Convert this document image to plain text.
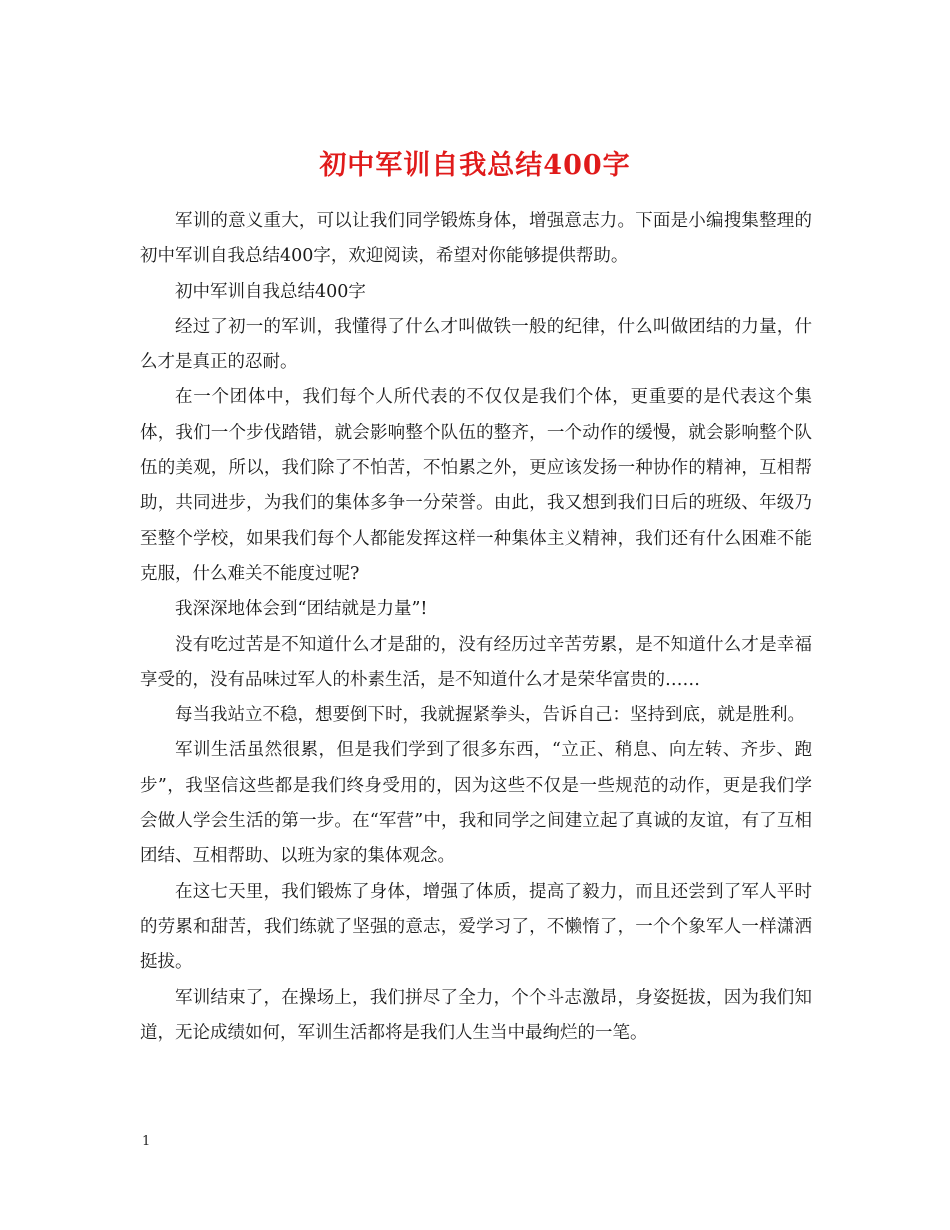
初中军训自我总结400字

军训的意义重大，可以让我们同学锻炼身体，增强意志力。下面是小编搜集整理的初中军训自我总结400字，欢迎阅读，希望对你能够提供帮助。

初中军训自我总结400字

经过了初一的军训，我懂得了什么才叫做铁一般的纪律，什么叫做团结的力量，什么才是真正的忍耐。

在一个团体中，我们每个人所代表的不仅仅是我们个体，更重要的是代表这个集体，我们一个步伐踏错，就会影响整个队伍的整齐，一个动作的缓慢，就会影响整个队伍的美观，所以，我们除了不怕苦，不怕累之外，更应该发扬一种协作的精神，互相帮助，共同进步，为我们的集体多争一分荣誉。由此，我又想到我们日后的班级、年级乃至整个学校，如果我们每个人都能发挥这样一种集体主义精神，我们还有什么困难不能克服，什么难关不能度过呢?

我深深地体会到“团结就是力量”!

没有吃过苦是不知道什么才是甜的，没有经历过辛苦劳累，是不知道什么才是幸福享受的，没有品味过军人的朴素生活，是不知道什么才是荣华富贵的……

每当我站立不稳，想要倒下时，我就握紧拳头，告诉自己：坚持到底，就是胜利。

军训生活虽然很累，但是我们学到了很多东西，“立正、稍息、向左转、齐步、跑步”，我坚信这些都是我们终身受用的，因为这些不仅是一些规范的动作，更是我们学会做人学会生活的第一步。在“军营”中，我和同学之间建立起了真诚的友谊，有了互相团结、互相帮助、以班为家的集体观念。

在这七天里，我们锻炼了身体，增强了体质，提高了毅力，而且还尝到了军人平时的劳累和甜苦，我们练就了坚强的意志，爱学习了，不懒惰了，一个个象军人一样潇洒挺拔。

军训结束了，在操场上，我们拼尽了全力，个个斗志激昂，身姿挺拔，因为我们知道，无论成绩如何，军训生活都将是我们人生当中最绚烂的一笔。

1
